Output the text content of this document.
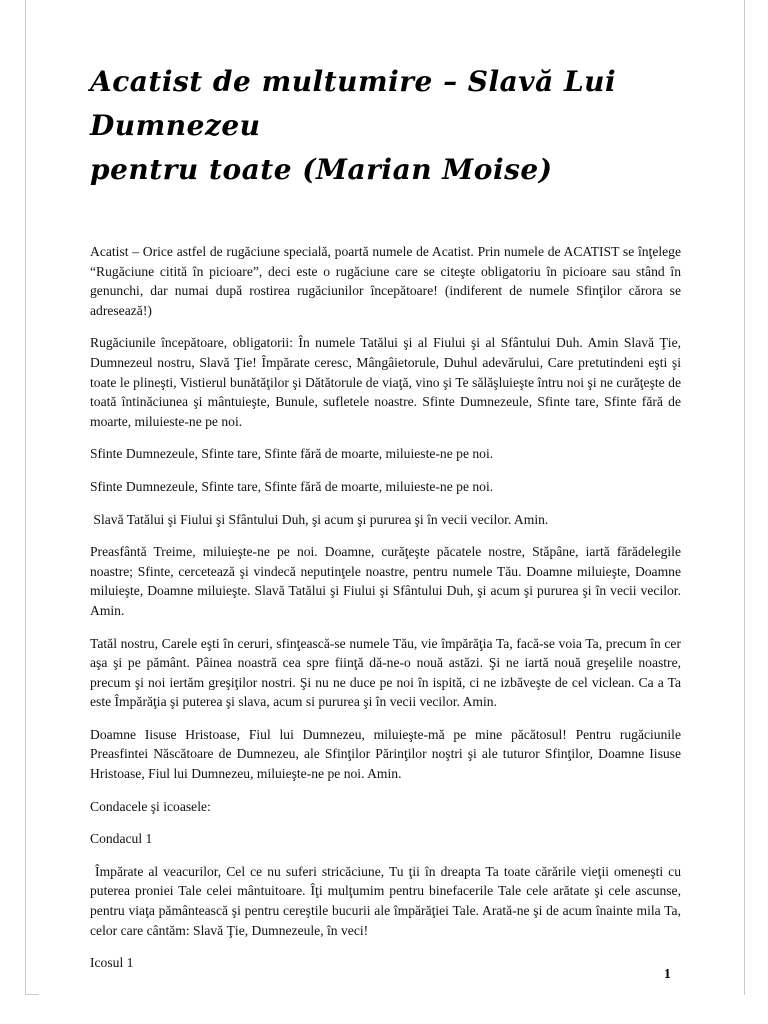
Acatist de multumire – Slavă Lui Dumnezeu
pentru toate (Marian Moise)

Acatist – Orice astfel de rugăciune specială, poartă numele de Acatist. Prin numele de ACATIST se înţelege “Rugăciune citită în picioare”, deci este o rugăciune care se citeşte obligatoriu în picioare sau stând în genunchi, dar numai după rostirea rugăciunilor începătoare! (indiferent de numele Sfinţilor cărora se adresează!)

Rugăciunile începătoare, obligatorii: În numele Tatălui şi al Fiului şi al Sfântului Duh. Amin Slavă Ţie, Dumnezeul nostru, Slavă Ţie! Împărate ceresc, Mângâietorule, Duhul adevărului, Care pretutindeni eşti şi toate le plineşti, Vistierul bunătăţilor şi Dătătorule de viaţă, vino şi Te sălăşluieşte întru noi şi ne curăţeşte de toată întinăciunea şi mântuieşte, Bunule, sufletele noastre. Sfinte Dumnezeule, Sfinte tare, Sfinte fără de moarte, miluieste-ne pe noi.

Sfinte Dumnezeule, Sfinte tare, Sfinte fără de moarte, miluieste-ne pe noi.

Sfinte Dumnezeule, Sfinte tare, Sfinte fără de moarte, miluieste-ne pe noi.

Slavă Tatălui şi Fiului şi Sfântului Duh, şi acum şi pururea şi în vecii vecilor. Amin.

Preasfântă Treime, miluieşte-ne pe noi. Doamne, curăţeşte păcatele nostre, Stăpâne, iartă fărădelegile noastre; Sfinte, cercetează şi vindecă neputinţele noastre, pentru numele Tău. Doamne miluieşte, Doamne miluieşte, Doamne miluieşte. Slavă Tatălui şi Fiului şi Sfântului Duh, şi acum şi pururea şi în vecii vecilor. Amin.

Tatăl nostru, Carele eşti în ceruri, sfinţească-se numele Tău, vie împărăţia Ta, facă-se voia Ta, precum în cer aşa şi pe pământ. Pâinea noastră cea spre fiinţă dă-ne-o nouă astăzi. Şi ne iartă nouă greşelile noastre, precum şi noi iertăm greşiţilor nostri. Şi nu ne duce pe noi în ispită, ci ne izbăveşte de cel viclean. Ca a Ta este Împărăţia şi puterea şi slava, acum si pururea şi în vecii vecilor. Amin.

Doamne Iisuse Hristoase, Fiul lui Dumnezeu, miluieşte-mă pe mine păcătosul! Pentru rugăciunile Preasfintei Născătoare de Dumnezeu, ale Sfinţilor Părinţilor noştri şi ale tuturor Sfinţilor, Doamne Iisuse Hristoase, Fiul lui Dumnezeu, miluieşte-ne pe noi. Amin.

Condacele şi icoasele:

Condacul 1

Împărate al veacurilor, Cel ce nu suferi stricăciune, Tu ţii în dreapta Ta toate cărările vieţii omeneşti cu puterea proniei Tale celei mântuitoare. Îţi mulţumim pentru binefacerile Tale cele arătate şi cele ascunse, pentru viaţa pământească şi pentru cereştile bucurii ale împărăţiei Tale. Arată-ne şi de acum înainte mila Ta, celor care cântăm: Slavă Ţie, Dumnezeule, în veci!

Icosul 1

1
